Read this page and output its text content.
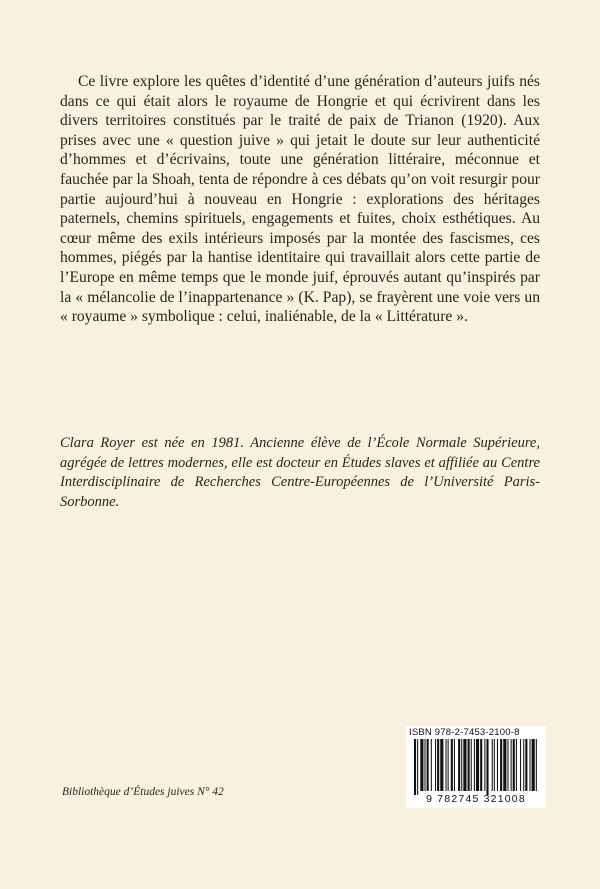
Ce livre explore les quêtes d’identité d’une génération d’auteurs juifs nés dans ce qui était alors le royaume de Hongrie et qui écrivirent dans les divers territoires constitués par le traité de paix de Trianon (1920). Aux prises avec une « question juive » qui jetait le doute sur leur authenticité d’hommes et d’écrivains, toute une génération littéraire, méconnue et fauchée par la Shoah, tenta de répondre à ces débats qu’on voit resurgir pour partie aujourd’hui à nouveau en Hongrie : explorations des héritages paternels, chemins spirituels, engagements et fuites, choix esthétiques. Au cœur même des exils intérieurs imposés par la montée des fascismes, ces hommes, piégés par la hantise identitaire qui travaillait alors cette partie de l’Europe en même temps que le monde juif, éprouvés autant qu’inspirés par la « mélancolie de l’inappartenance » (K. Pap), se frayèrent une voie vers un « royaume » symbolique : celui, inaliénable, de la « Littérature ».

Clara Royer est née en 1981. Ancienne élève de l’École Normale Supérieure, agrégée de lettres modernes, elle est docteur en Études slaves et affiliée au Centre Interdisciplinaire de Recherches Centre-Européennes de l’Université Paris-Sorbonne.

Bibliothèque d’Études juives N° 42
ISBN 978-2-7453-2100-8
9 782745 321008
